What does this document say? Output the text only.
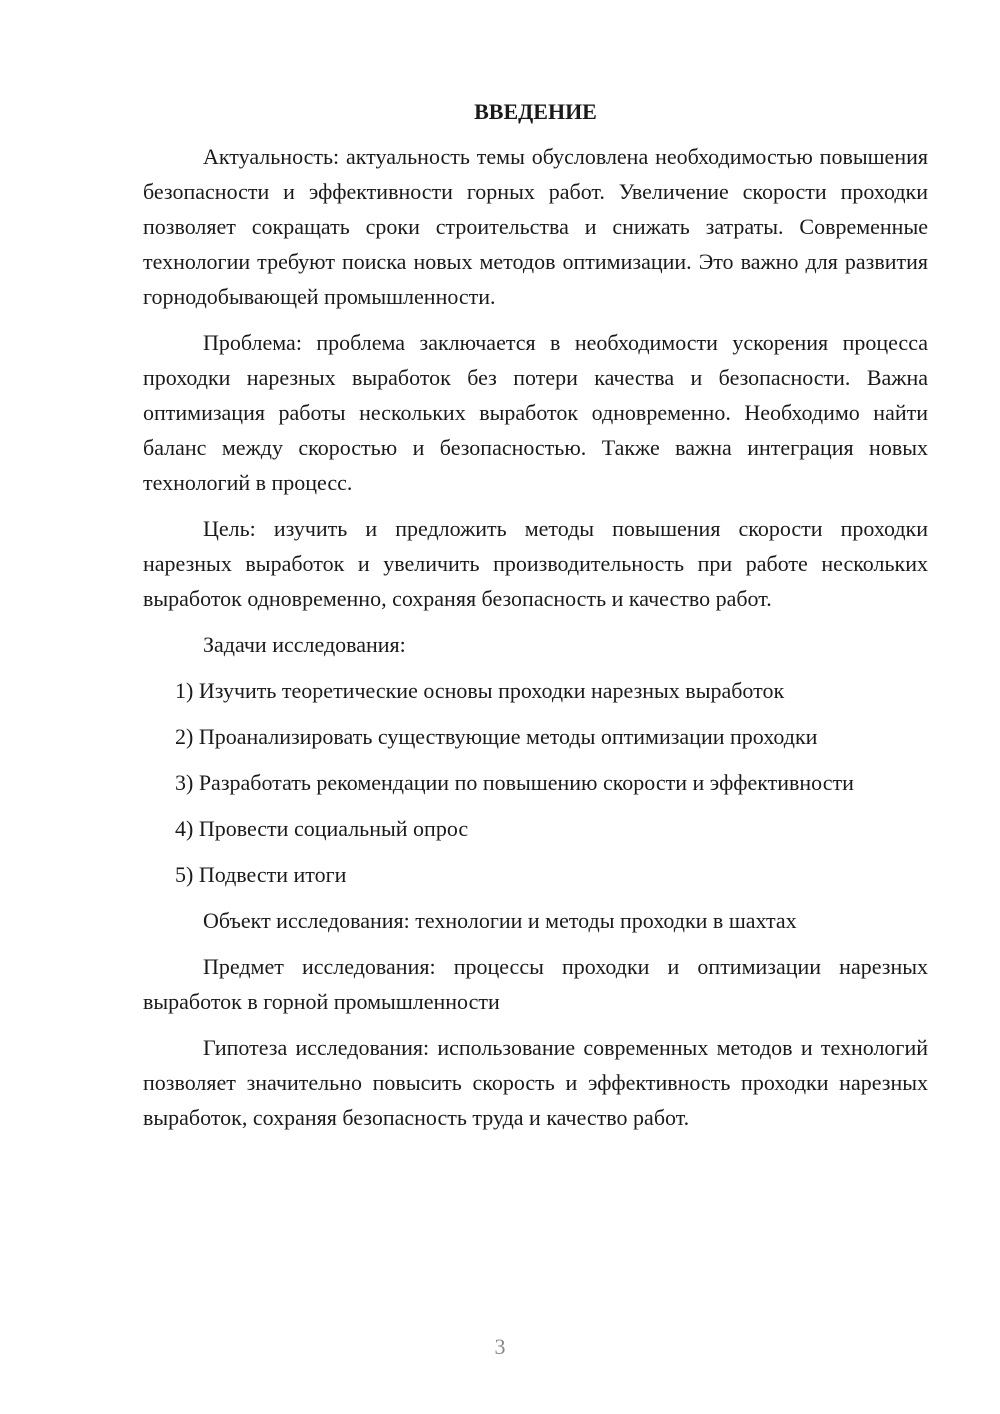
ВВЕДЕНИЕ

Актуальность: актуальность темы обусловлена необходимостью повышения безопасности и эффективности горных работ. Увеличение скорости проходки позволяет сокращать сроки строительства и снижать затраты. Современные технологии требуют поиска новых методов оптимизации. Это важно для развития горнодобывающей промышленности.

Проблема: проблема заключается в необходимости ускорения процесса проходки нарезных выработок без потери качества и безопасности. Важна оптимизация работы нескольких выработок одновременно. Необходимо найти баланс между скоростью и безопасностью. Также важна интеграция новых технологий в процесс.

Цель: изучить и предложить методы повышения скорости проходки нарезных выработок и увеличить производительность при работе нескольких выработок одновременно, сохраняя безопасность и качество работ.

Задачи исследования:

1) Изучить теоретические основы проходки нарезных выработок

2) Проанализировать существующие методы оптимизации проходки

3) Разработать рекомендации по повышению скорости и эффективности

4) Провести социальный опрос

5) Подвести итоги

Объект исследования: технологии и методы проходки в шахтах

Предмет исследования: процессы проходки и оптимизации нарезных выработок в горной промышленности

Гипотеза исследования: использование современных методов и технологий позволяет значительно повысить скорость и эффективность проходки нарезных выработок, сохраняя безопасность труда и качество работ.

3
